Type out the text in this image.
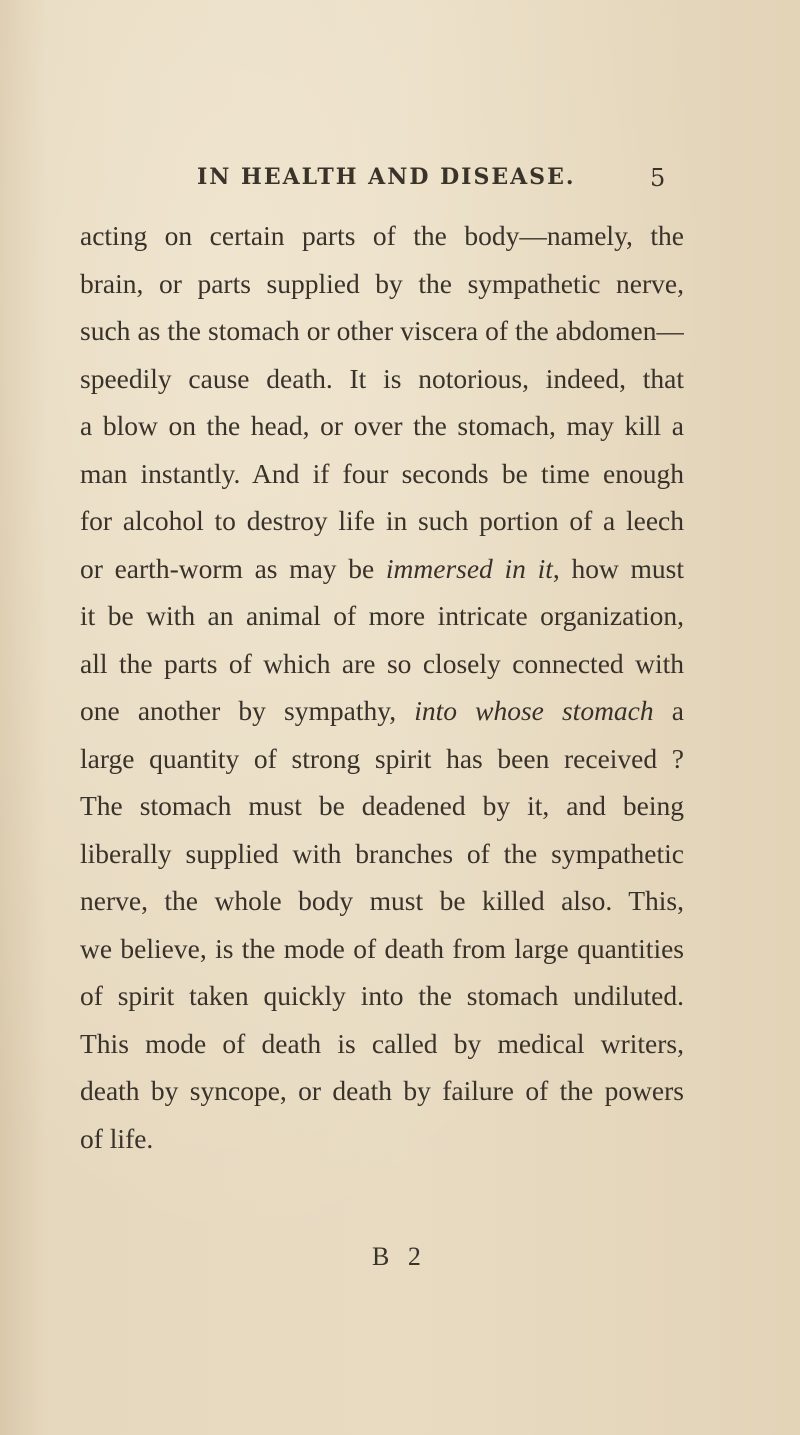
IN HEALTH AND DISEASE.	5
acting on certain parts of the body—namely, the
brain, or parts supplied by the sympathetic nerve,
such as the stomach or other viscera of the abdomen—
speedily cause death. It is notorious, indeed, that
a blow on the head, or over the stomach, may kill a
man instantly. And if four seconds be time enough
for alcohol to destroy life in such portion of a leech
or earth-worm as may be immersed in it, how must
it be with an animal of more intricate organization,
all the parts of which are so closely connected with
one another by sympathy, into whose stomach a
large quantity of strong spirit has been received ?
The stomach must be deadened by it, and being
liberally supplied with branches of the sympathetic
nerve, the whole body must be killed also. This,
we believe, is the mode of death from large quantities
of spirit taken quickly into the stomach undiluted.
This mode of death is called by medical writers,
death by syncope, or death by failure of the powers
of life.
B 2
